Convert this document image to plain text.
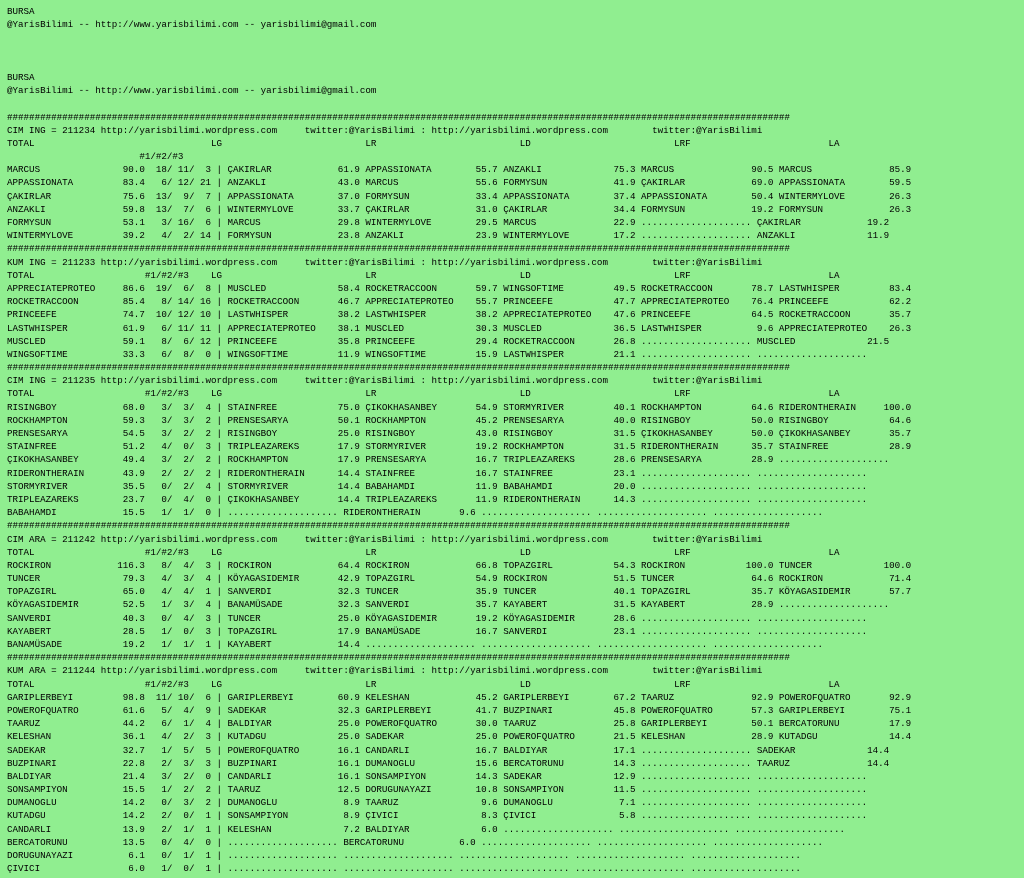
BURSA
@YarisBilimi -- http://www.yarisbilimi.com -- yarisbilimi@gmail.com
BURSA
@YarisBilimi -- http://www.yarisbilimi.com -- yarisbilimi@gmail.com
##############################################################################################################################################
CIM ING = 211234 http://yarisbilimi.wordpress.com     twitter:@YarisBilimi : http://yarisbilimi.wordpress.com        twitter:@YarisBilimi
TOTAL                                LG                          LR                          LD                          LRF                         LA
#1/#2/#3
MARCUS               90.0  18/ 11/  3 | ÇAKIRLAR            61.9 APPASSIONATA        55.7 ANZAKLI             75.3 MARCUS              90.5 MARCUS              85.9
APPASSIONATA         83.4   6/ 12/ 21 | ANZAKLI             43.0 MARCUS              55.6 FORMYSUN            41.9 ÇAKIRLAR            69.0 APPASSIONATA        59.5
ÇAKIRLAR             75.6  13/  9/  7 | APPASSIONATA        37.0 FORMYSUN            33.4 APPASSIONATA        37.4 APPASSIONATA        50.4 WINTERMYLOVE        26.3
ANZAKLI              59.8  13/  7/  6 | WINTERMYLOVE        33.7 ÇAKIRLAR            31.0 ÇAKIRLAR            34.4 FORMYSUN            19.2 FORMYSUN            26.3
FORMYSUN             53.1   3/ 16/  6 | MARCUS              29.8 WINTERMYLOVE        29.5 MARCUS              22.9 .................... ÇAKIRLAR            19.2
WINTERMYLOVE         39.2   4/  2/ 14 | FORMYSUN            23.8 ANZAKLI             23.9 WINTERMYLOVE        17.2 .................... ANZAKLI             11.9
##############################################################################################################################################
KUM ING = 211233 http://yarisbilimi.wordpress.com     twitter:@YarisBilimi : http://yarisbilimi.wordpress.com        twitter:@YarisBilimi
TOTAL                    #1/#2/#3    LG                          LR                          LD                          LRF                         LA
APPRECIATEPROTEO     86.6  19/  6/  8 | MUSCLED             58.4 ROCKETRACCOON       59.7 WINGSOFTIME         49.5 ROCKETRACCOON       78.7 LASTWHISPER         83.4
ROCKETRACCOON        85.4   8/ 14/ 16 | ROCKETRACCOON       46.7 APPRECIATEPROTEO    55.7 PRINCEEFE           47.7 APPRECIATEPROTEO    76.4 PRINCEEFE           62.2
PRINCEEFE            74.7  10/ 12/ 10 | LASTWHISPER         38.2 LASTWHISPER         38.2 APPRECIATEPROTEO    47.6 PRINCEEFE           64.5 ROCKETRACCOON       35.7
LASTWHISPER          61.9   6/ 11/ 11 | APPRECIATEPROTEO    38.1 MUSCLED             30.3 MUSCLED             36.5 LASTWHISPER          9.6 APPRECIATEPROTEO    26.3
MUSCLED              59.1   8/  6/ 12 | PRINCEEFE           35.8 PRINCEEFE           29.4 ROCKETRACCOON       26.8 .................... MUSCLED             21.5
WINGSOFTIME          33.3   6/  8/  0 | WINGSOFTIME         11.9 WINGSOFTIME         15.9 LASTWHISPER         21.1 .................... ....................
##############################################################################################################################################
CIM ING = 211235 http://yarisbilimi.wordpress.com     twitter:@YarisBilimi : http://yarisbilimi.wordpress.com        twitter:@YarisBilimi
TOTAL                    #1/#2/#3    LG                          LR                          LD                          LRF                         LA
RISINGBOY            68.0   3/  3/  4 | STAINFREE           75.0 ÇIKOKHASANBEY       54.9 STORMYRIVER         40.1 ROCKHAMPTON         64.6 RIDERONTHERAIN     100.0
ROCKHAMPTON          59.3   3/  3/  2 | PRENSESARYA         50.1 ROCKHAMPTON         45.2 PRENSESARYA         40.0 RISINGBOY           50.0 RISINGBOY           64.6
PRENSESARYA          54.5   3/  2/  2 | RISINGBOY           25.0 RISINGBOY           43.0 RISINGBOY           31.5 ÇIKOKHASANBEY       50.0 ÇIKOKHASANBEY       35.7
STAINFREE            51.2   4/  0/  3 | TRIPLEAZAREKS       17.9 STORMYRIVER         19.2 ROCKHAMPTON         31.5 RIDERONTHERAIN      35.7 STAINFREE           28.9
ÇIKOKHASANBEY        49.4   3/  2/  2 | ROCKHAMPTON         17.9 PRENSESARYA         16.7 TRIPLEAZAREKS       28.6 PRENSESARYA         28.9 ....................
RIDERONTHERAIN       43.9   2/  2/  2 | RIDERONTHERAIN      14.4 STAINFREE           16.7 STAINFREE           23.1 .................... ....................
STORMYRIVER          35.5   0/  2/  4 | STORMYRIVER         14.4 BABAHAMDI           11.9 BABAHAMDI           20.0 .................... ....................
TRIPLEAZAREKS        23.7   0/  4/  0 | ÇIKOKHASANBEY       14.4 TRIPLEAZAREKS       11.9 RIDERONTHERAIN      14.3 .................... ....................
BABAHAMDI            15.5   1/  1/  0 | .................... RIDERONTHERAIN       9.6 .................... .................... ....................
##############################################################################################################################################
CIM ARA = 211242 http://yarisbilimi.wordpress.com     twitter:@YarisBilimi : http://yarisbilimi.wordpress.com        twitter:@YarisBilimi
TOTAL                    #1/#2/#3    LG                          LR                          LD                          LRF                         LA
ROCKIRON            116.3   8/  4/  3 | ROCKIRON            64.4 ROCKIRON            66.8 TOPAZGIRL           54.3 ROCKIRON           100.0 TUNCER             100.0
TUNCER               79.3   4/  3/  4 | KÖYAGASIDEMIR       42.9 TOPAZGIRL           54.9 ROCKIRON            51.5 TUNCER              64.6 ROCKIRON            71.4
TOPAZGIRL            65.0   4/  4/  1 | SANVERDI            32.3 TUNCER              35.9 TUNCER              40.1 TOPAZGIRL           35.7 KÖYAGASIDEMIR       57.7
KÖYAGASIDEMIR        52.5   1/  3/  4 | BANAMÜSADE          32.3 SANVERDI            35.7 KAYABERT            31.5 KAYABERT            28.9 ....................
SANVERDI             40.3   0/  4/  3 | TUNCER              25.0 KÖYAGASIDEMIR       19.2 KÖYAGASIDEMIR       28.6 .................... ....................
KAYABERT             28.5   1/  0/  3 | TOPAZGIRL           17.9 BANAMÜSADE          16.7 SANVERDI            23.1 .................... ....................
BANAMÜSADE           19.2   1/  1/  1 | KAYABERT            14.4 .................... .................... .................... ....................
##############################################################################################################################################
KUM ARA = 211244 http://yarisbilimi.wordpress.com     twitter:@YarisBilimi : http://yarisbilimi.wordpress.com        twitter:@YarisBilimi
TOTAL                    #1/#2/#3    LG                          LR                          LD                          LRF                         LA
GARIPLERBEYI         98.8  11/ 10/  6 | GARIPLERBEYI        60.9 KELESHAN            45.2 GARIPLERBEYI        67.2 TAARUZ              92.9 POWEROFQUATRO       92.9
POWEROFQUATRO        61.6   5/  4/  9 | SADEKAR             32.3 GARIPLERBEYI        41.7 BUZPINARI           45.8 POWEROFQUATRO       57.3 GARIPLERBEYI        75.1
TAARUZ               44.2   6/  1/  4 | BALDIYAR            25.0 POWEROFQUATRO       30.0 TAARUZ              25.8 GARIPLERBEYI        50.1 BERCATORUNU         17.9
KELESHAN             36.1   4/  2/  3 | KUTADGU             25.0 SADEKAR             25.0 POWEROFQUATRO       21.5 KELESHAN            28.9 KUTADGU             14.4
SADEKAR              32.7   1/  5/  5 | POWEROFQUATRO       16.1 CANDARLI            16.7 BALDIYAR            17.1 .................... SADEKAR             14.4
BUZPINARI            22.8   2/  3/  3 | BUZPINARI           16.1 DUMANOGLU           15.6 BERCATORUNU         14.3 .................... TAARUZ              14.4
BALDIYAR             21.4   3/  2/  0 | CANDARLI            16.1 SONSAMPIYON         14.3 SADEKAR             12.9 .................... ....................
SONSAMPIYON          15.5   1/  2/  2 | TAARUZ              12.5 DORUGUNAYAZI        10.8 SONSAMPIYON         11.5 .................... ....................
DUMANOGLU            14.2   0/  3/  2 | DUMANOGLU            8.9 TAARUZ               9.6 DUMANOGLU            7.1 .................... ....................
KUTADGU              14.2   2/  0/  1 | SONSAMPIYON          8.9 ÇIVICI               8.3 ÇIVICI               5.8 .................... ....................
CANDARLI             13.9   2/  1/  1 | KELESHAN             7.2 BALDIYAR             6.0 .................... .................... ....................
BERCATORUNU          13.5   0/  4/  0 | .................... BERCATORUNU          6.0 .................... .................... ....................
DORUGUNAYAZI          6.1   0/  1/  1 | .................... .................... .................... .................... ....................
ÇIVICI                6.0   1/  0/  1 | .................... .................... .................... .................... ....................
